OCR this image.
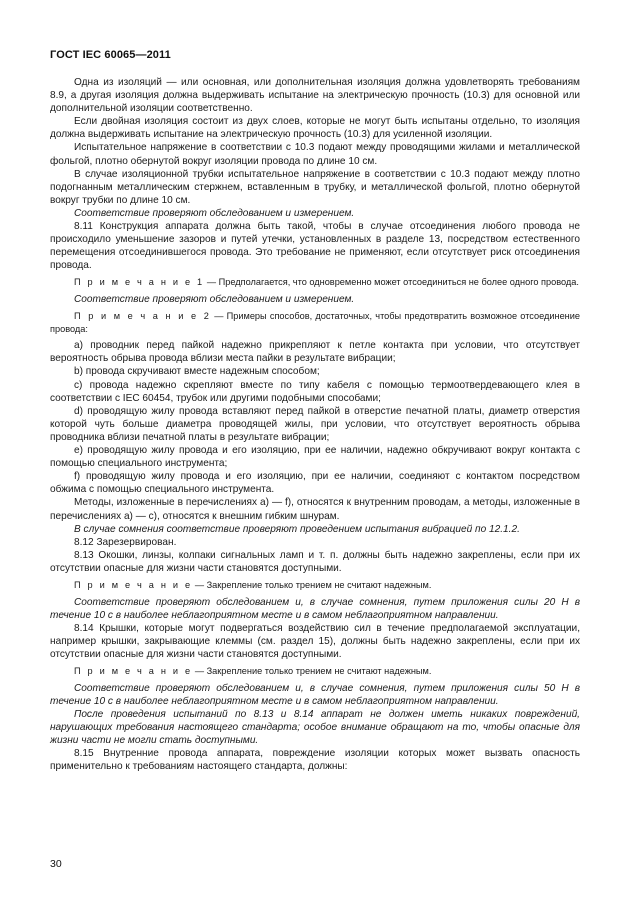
ГОСТ IEC 60065—2011

Одна из изоляций — или основная, или дополнительная изоляция должна удовлетворять требованиям 8.9, а другая изоляция должна выдерживать испытание на электрическую прочность (10.3) для основной или дополнительной изоляции соответственно.

Если двойная изоляция состоит из двух слоев, которые не могут быть испытаны отдельно, то изоляция должна выдерживать испытание на электрическую прочность (10.3) для усиленной изоляции.

Испытательное напряжение в соответствии с 10.3 подают между проводящими жилами и металлической фольгой, плотно обернутой вокруг изоляции провода по длине 10 см.

В случае изоляционной трубки испытательное напряжение в соответствии с 10.3 подают между плотно подогнанным металлическим стержнем, вставленным в трубку, и металлической фольгой, плотно обернутой вокруг трубки по длине 10 см.

Соответствие проверяют обследованием и измерением.

8.11 Конструкция аппарата должна быть такой, чтобы в случае отсоединения любого провода не происходило уменьшение зазоров и путей утечки, установленных в разделе 13, посредством естественного перемещения отсоединившегося провода. Это требование не применяют, если отсутствует риск отсоединения провода.

П р и м е ч а н и е 1 — Предполагается, что одновременно может отсоединиться не более одного провода.

Соответствие проверяют обследованием и измерением.

П р и м е ч а н и е 2 — Примеры способов, достаточных, чтобы предотвратить возможное отсоединение провода:

a) проводник перед пайкой надежно прикрепляют к петле контакта при условии, что отсутствует вероятность обрыва провода вблизи места пайки в результате вибрации;

b) провода скручивают вместе надежным способом;

c) провода надежно скрепляют вместе по типу кабеля с помощью термоотвердевающего клея в соответствии с IEC 60454, трубок или другими подобными способами;

d) проводящую жилу провода вставляют перед пайкой в отверстие печатной платы, диаметр отверстия которой чуть больше диаметра проводящей жилы, при условии, что отсутствует вероятность обрыва проводника вблизи печатной платы в результате вибрации;

e) проводящую жилу провода и его изоляцию, при ее наличии, надежно обкручивают вокруг контакта с помощью специального инструмента;

f) проводящую жилу провода и его изоляцию, при ее наличии, соединяют с контактом посредством обжима с помощью специального инструмента.

Методы, изложенные в перечислениях a) — f), относятся к внутренним проводам, а методы, изложенные в перечислениях a) — c), относятся к внешним гибким шнурам.

В случае сомнения соответствие проверяют проведением испытания вибрацией по 12.1.2.

8.12 Зарезервирован.

8.13 Окошки, линзы, колпаки сигнальных ламп и т. п. должны быть надежно закреплены, если при их отсутствии опасные для жизни части становятся доступными.

П р и м е ч а н и е — Закрепление только трением не считают надежным.

Соответствие проверяют обследованием и, в случае сомнения, путем приложения силы 20 Н в течение 10 с в наиболее неблагоприятном месте и в самом неблагоприятном направлении.

8.14 Крышки, которые могут подвергаться воздействию сил в течение предполагаемой эксплуатации, например крышки, закрывающие клеммы (см. раздел 15), должны быть надежно закреплены, если при их отсутствии опасные для жизни части становятся доступными.

П р и м е ч а н и е — Закрепление только трением не считают надежным.

Соответствие проверяют обследованием и, в случае сомнения, путем приложения силы 50 Н в течение 10 с в наиболее неблагоприятном месте и в самом неблагоприятном направлении.

После проведения испытаний по 8.13 и 8.14 аппарат не должен иметь никаких повреждений, нарушающих требования настоящего стандарта; особое внимание обращают на то, чтобы опасные для жизни части не могли стать доступными.

8.15 Внутренние провода аппарата, повреждение изоляции которых может вызвать опасность применительно к требованиям настоящего стандарта, должны:

30
